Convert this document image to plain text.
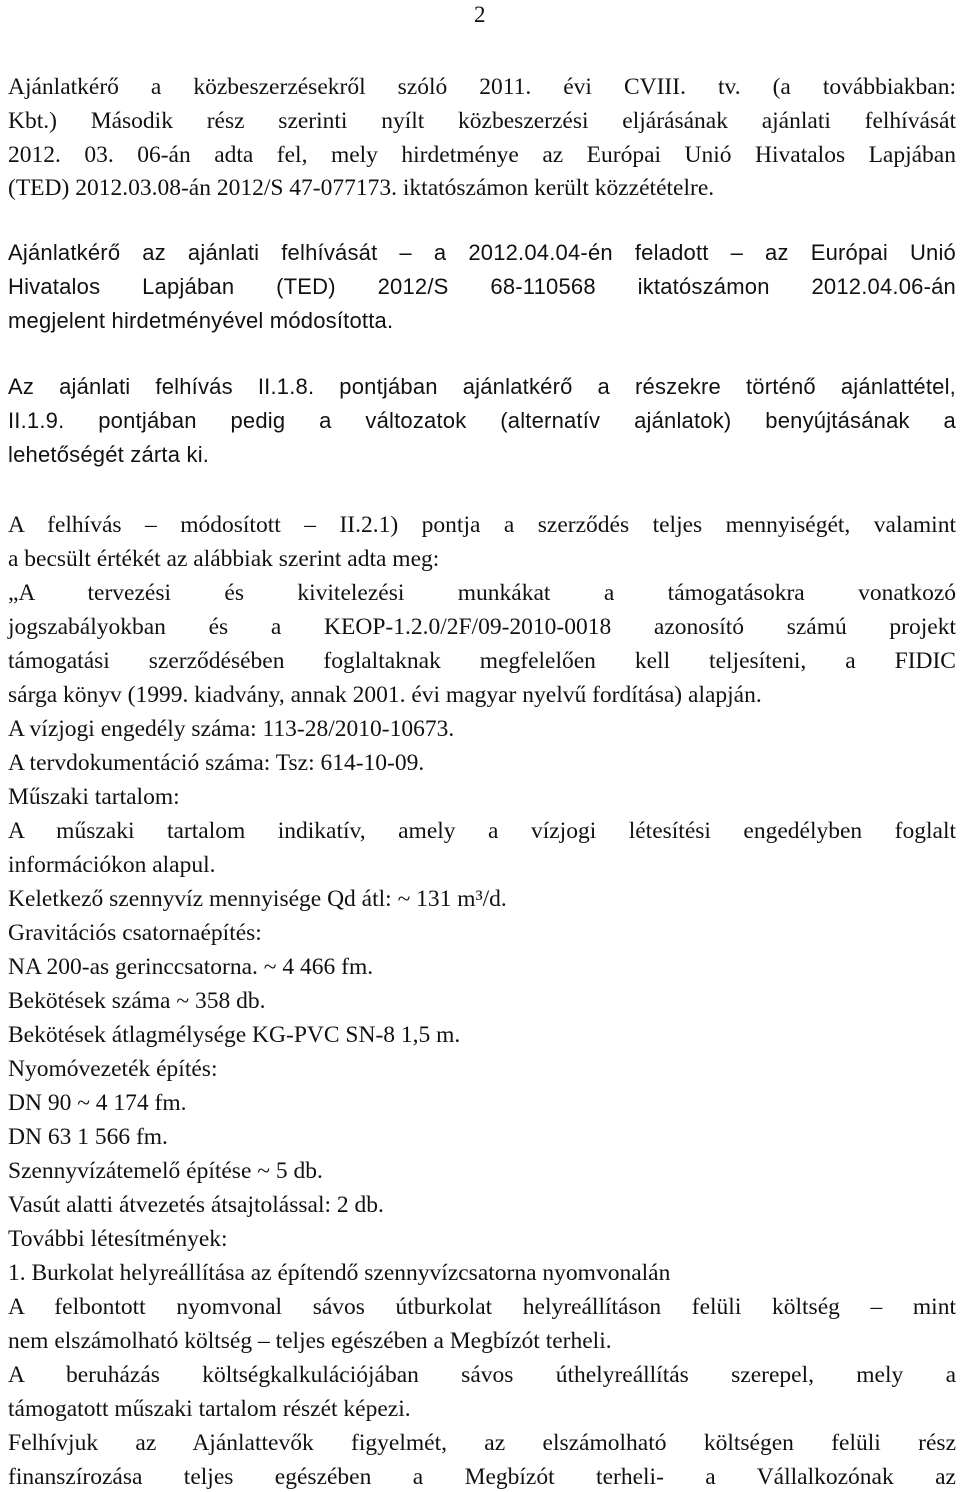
2
Ajánlatkérő a közbeszerzésekről szóló 2011. évi CVIII. tv. (a továbbiakban:
Kbt.) Második rész szerinti nyílt közbeszerzési eljárásának ajánlati felhívását
2012. 03. 06-án adta fel, mely hirdetménye az Európai Unió Hivatalos Lapjában
(TED) 2012.03.08-án 2012/S 47-077173. iktatószámon került közzétételre.
Ajánlatkérő az ajánlati felhívását – a 2012.04.04-én feladott – az Európai Unió
Hivatalos Lapjában (TED) 2012/S 68-110568 iktatószámon 2012.04.06-án
megjelent hirdetményével módosította.
Az ajánlati felhívás II.1.8. pontjában ajánlatkérő a részekre történő ajánlattétel,
II.1.9. pontjában pedig a változatok (alternatív ajánlatok) benyújtásának a
lehetőségét zárta ki.
A felhívás – módosított – II.2.1) pontja a szerződés teljes mennyiségét, valamint
a becsült értékét az alábbiak szerint adta meg:
„A tervezési és kivitelezési munkákat a támogatásokra vonatkozó
jogszabályokban és a KEOP-1.2.0/2F/09-2010-0018 azonosító számú projekt
támogatási szerződésében foglaltaknak megfelelően kell teljesíteni, a FIDIC
sárga könyv (1999. kiadvány, annak 2001. évi magyar nyelvű fordítása) alapján.
A vízjogi engedély száma: 113-28/2010-10673.
A tervdokumentáció száma: Tsz: 614-10-09.
Műszaki tartalom:
A műszaki tartalom indikatív, amely a vízjogi létesítési engedélyben foglalt
információkon alapul.
Keletkező szennyvíz mennyisége Qd átl: ~ 131 m³/d.
Gravitációs csatornaépítés:
NA 200-as gerinccsatorna. ~ 4 466 fm.
Bekötések száma ~ 358 db.
Bekötések átlagmélysége KG-PVC SN-8 1,5 m.
Nyomóvezeték építés:
DN 90 ~ 4 174 fm.
DN 63 1 566 fm.
Szennyvízátemelő építése ~ 5 db.
Vasút alatti átvezetés átsajtolással: 2 db.
További létesítmények:
1. Burkolat helyreállítása az építendő szennyvízcsatorna nyomvonalán
A felbontott nyomvonal sávos útburkolat helyreállításon felüli költség – mint
nem elszámolható költség – teljes egészében a Megbízót terheli.
A beruházás költségkalkulációjában sávos úthelyreállítás szerepel, mely a
támogatott műszaki tartalom részét képezi.
Felhívjuk az Ajánlattevők figyelmét, az elszámolható költségen felüli rész
finanszírozása teljes egészében a Megbízót terheli- a Vállalkozónak az
